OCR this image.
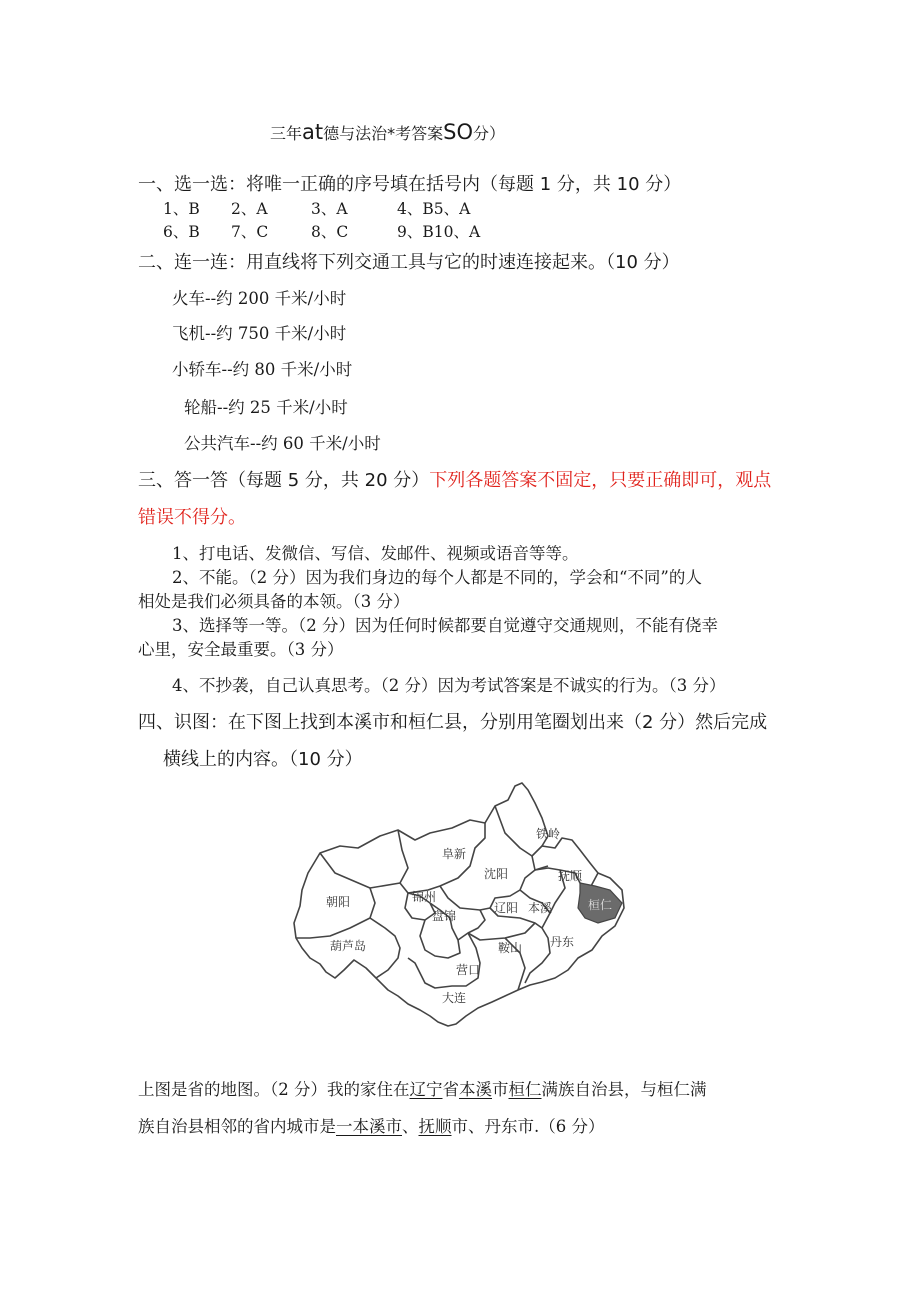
三年at德与法治*考答案SO分）
一、选一选：将唯一正确的序号填在括号内（每题 1 分，共 10 分）
1、B 2、A	3、A	4、B5、A
6、B 7、C	8、C	9、B10、A
二、连一连：用直线将下列交通工具与它的时速连接起来。（10 分）
火车--约 200 千米/小时
飞机--约 750 千米/小时
小轿车--约 80 千米/小时
轮船--约 25 千米/小时
公共汽车--约 60 千米/小时
三、答一答（每题 5 分，共 20 分）下列各题答案不固定，只要正确即可，观点
错误不得分。
1、打电话、发微信、写信、发邮件、视频或语音等等。
2、不能。（2 分）因为我们身边的每个人都是不同的，学会和“不同”的人
相处是我们必须具备的本领。（3 分）
3、选择等一等。（2 分）因为任何时候都要自觉遵守交通规则，不能有侥幸
心里，安全最重要。（3 分）
4、不抄袭，自己认真思考。（2 分）因为考试答案是不诚实的行为。（3 分）
四、识图：在下图上找到本溪市和桓仁县，分别用笔圈划出来（2 分）然后完成
横线上的内容。（10 分）
铁岭
阜新
沈阳	抚顺
朝阳	锦州
盘锦
辽阳 本溪	桓仁
葫芦岛	鞍山 丹东
营口
大连
上图是省的地图。（2 分）我的家住在辽宁省本溪市桓仁满族自治县，与桓仁满
族自治县相邻的省内城市是一本溪市、抚顺市、丹东市.（6 分）
